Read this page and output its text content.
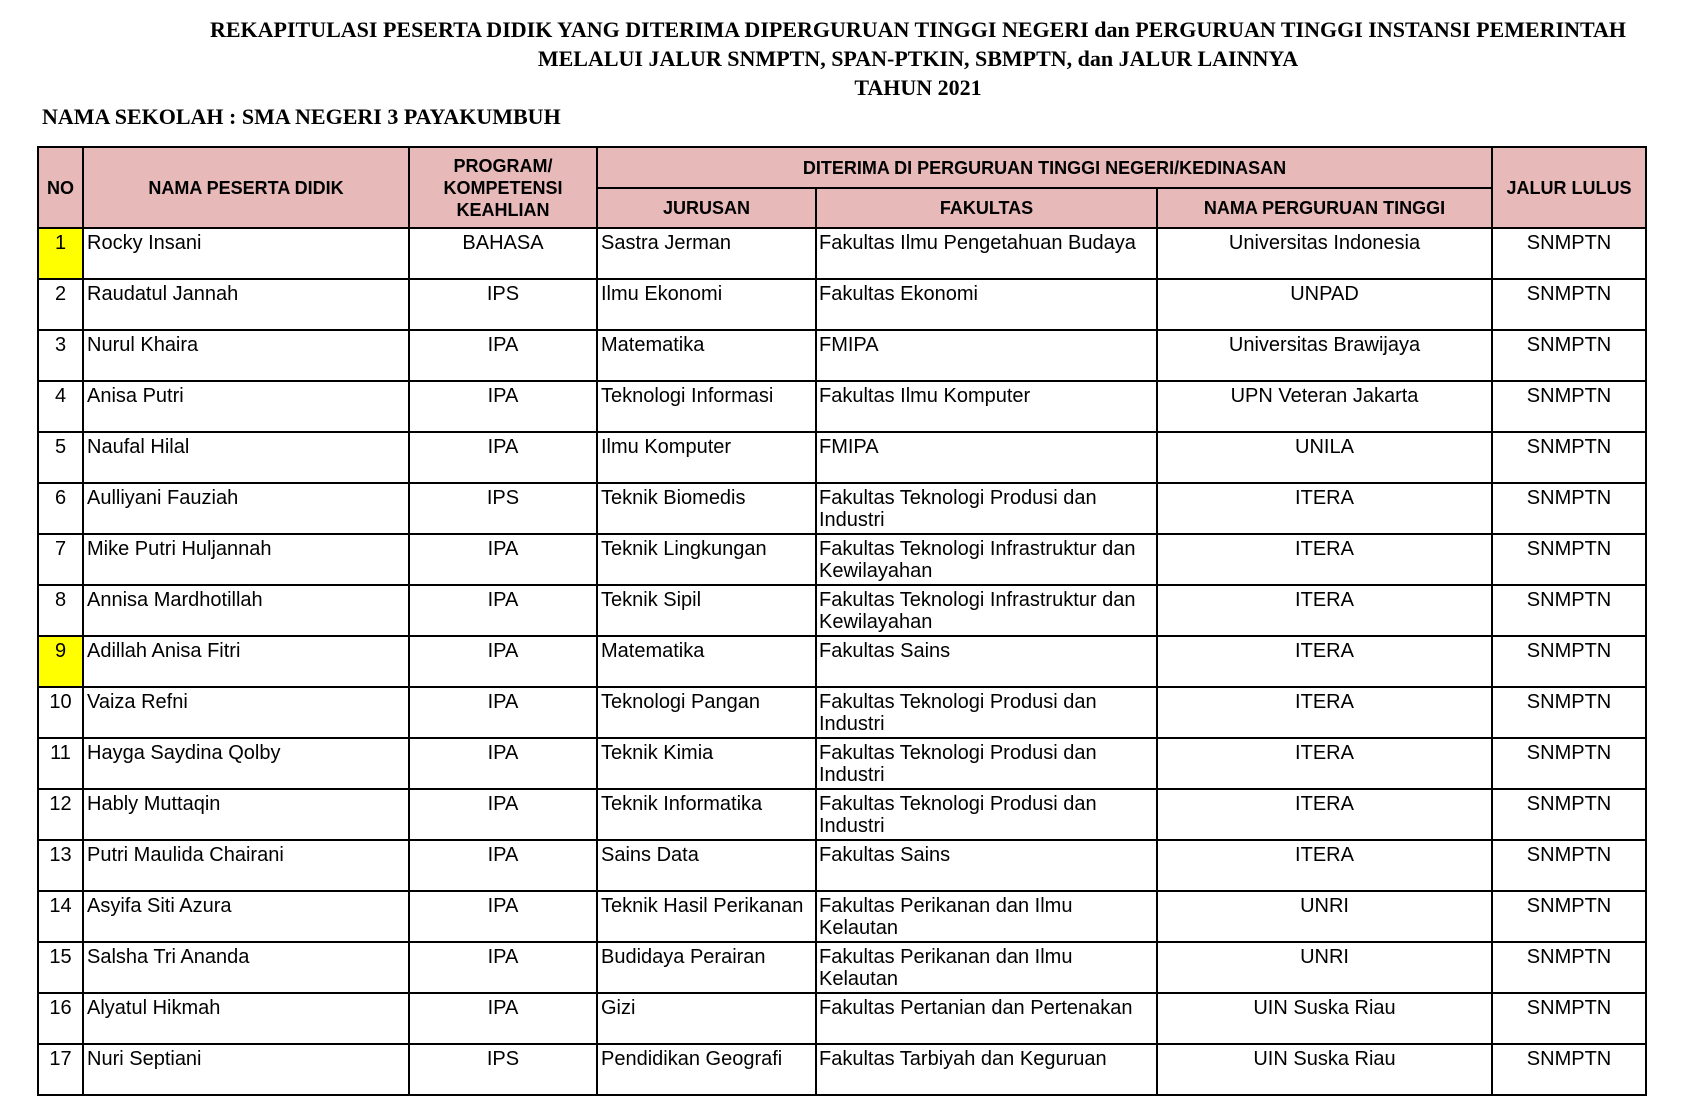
REKAPITULASI PESERTA DIDIK YANG DITERIMA DIPERGURUAN TINGGI NEGERI dan PERGURUAN TINGGI INSTANSI PEMERINTAH
MELALUI JALUR SNMPTN, SPAN-PTKIN, SBMPTN, dan JALUR LAINNYA
TAHUN 2021
NAMA SEKOLAH : SMA NEGERI 3 PAYAKUMBUH
NO	NAMA PESERTA DIDIK	PROGRAM/
KOMPETENSI
KEAHLIAN	DITERIMA DI PERGURUAN TINGGI NEGERI/KEDINASAN			JALUR LULUS
			JURUSAN	FAKULTAS	NAMA PERGURUAN TINGGI	
1	Rocky Insani	BAHASA	Sastra Jerman	Fakultas Ilmu Pengetahuan Budaya	Universitas Indonesia	SNMPTN
2	Raudatul Jannah	IPS	Ilmu Ekonomi	Fakultas Ekonomi	UNPAD	SNMPTN
3	Nurul Khaira	IPA	Matematika	FMIPA	Universitas Brawijaya	SNMPTN
4	Anisa Putri	IPA	Teknologi Informasi	Fakultas Ilmu Komputer	UPN Veteran Jakarta	SNMPTN
5	Naufal Hilal	IPA	Ilmu Komputer	FMIPA	UNILA	SNMPTN
6	Aulliyani Fauziah	IPS	Teknik Biomedis	Fakultas Teknologi Produsi dan Industri	ITERA	SNMPTN
7	Mike Putri Huljannah	IPA	Teknik Lingkungan	Fakultas Teknologi Infrastruktur dan Kewilayahan	ITERA	SNMPTN
8	Annisa Mardhotillah	IPA	Teknik Sipil	Fakultas Teknologi Infrastruktur dan Kewilayahan	ITERA	SNMPTN
9	Adillah Anisa Fitri	IPA	Matematika	Fakultas Sains	ITERA	SNMPTN
10	Vaiza Refni	IPA	Teknologi Pangan	Fakultas Teknologi Produsi dan Industri	ITERA	SNMPTN
11	Hayga Saydina Qolby	IPA	Teknik Kimia	Fakultas Teknologi Produsi dan Industri	ITERA	SNMPTN
12	Hably Muttaqin	IPA	Teknik Informatika	Fakultas Teknologi Produsi dan Industri	ITERA	SNMPTN
13	Putri Maulida Chairani	IPA	Sains Data	Fakultas Sains	ITERA	SNMPTN
14	Asyifa Siti Azura	IPA	Teknik Hasil Perikanan	Fakultas Perikanan dan Ilmu Kelautan	UNRI	SNMPTN
15	Salsha Tri Ananda	IPA	Budidaya Perairan	Fakultas Perikanan dan Ilmu Kelautan	UNRI	SNMPTN
16	Alyatul Hikmah	IPA	Gizi	Fakultas Pertanian dan Pertenakan	UIN Suska Riau	SNMPTN
17	Nuri Septiani	IPS	Pendidikan Geografi	Fakultas Tarbiyah dan Keguruan	UIN Suska Riau	SNMPTN
